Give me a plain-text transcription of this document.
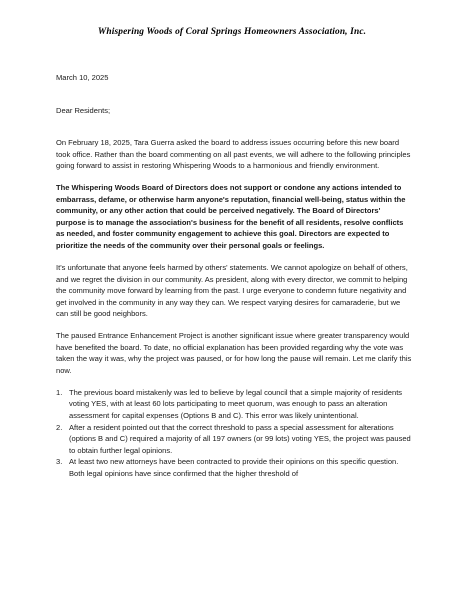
Whispering Woods of Coral Springs Homeowners Association, Inc.
March 10, 2025
Dear Residents;

On February 18, 2025, Tara Guerra asked the board to address issues occurring before this new board took office. Rather than the board commenting on all past events, we will adhere to the following principles going forward to assist in restoring Whispering Woods to a harmonious and friendly environment.

The Whispering Woods Board of Directors does not support or condone any actions intended to embarrass, defame, or otherwise harm anyone's reputation, financial well-being, status within the community, or any other action that could be perceived negatively. The Board of Directors' purpose is to manage the association's business for the benefit of all residents, resolve conflicts as needed, and foster community engagement to achieve this goal. Directors are expected to prioritize the needs of the community over their personal goals or feelings.

It's unfortunate that anyone feels harmed by others' statements. We cannot apologize on behalf of others, and we regret the division in our community. As president, along with every director, we commit to helping the community move forward by learning from the past. I urge everyone to condemn future negativity and get involved in the community in any way they can. We respect varying desires for camaraderie, but we can still be good neighbors.

The paused Entrance Enhancement Project is another significant issue where greater transparency would have benefited the board. To date, no official explanation has been provided regarding why the vote was taken the way it was, why the project was paused, or for how long the pause will remain. Let me clarify this now.

1. The previous board mistakenly was led to believe by legal council that a simple majority of residents voting YES, with at least 60 lots participating to meet quorum, was enough to pass an alteration assessment for capital expenses (Options B and C). This error was likely unintentional.
2. After a resident pointed out that the correct threshold to pass a special assessment for alterations (options B and C) required a majority of all 197 owners (or 99 lots) voting YES, the project was paused to obtain further legal opinions.
3. At least two new attorneys have been contracted to provide their opinions on this specific question. Both legal opinions have since confirmed that the higher threshold of
